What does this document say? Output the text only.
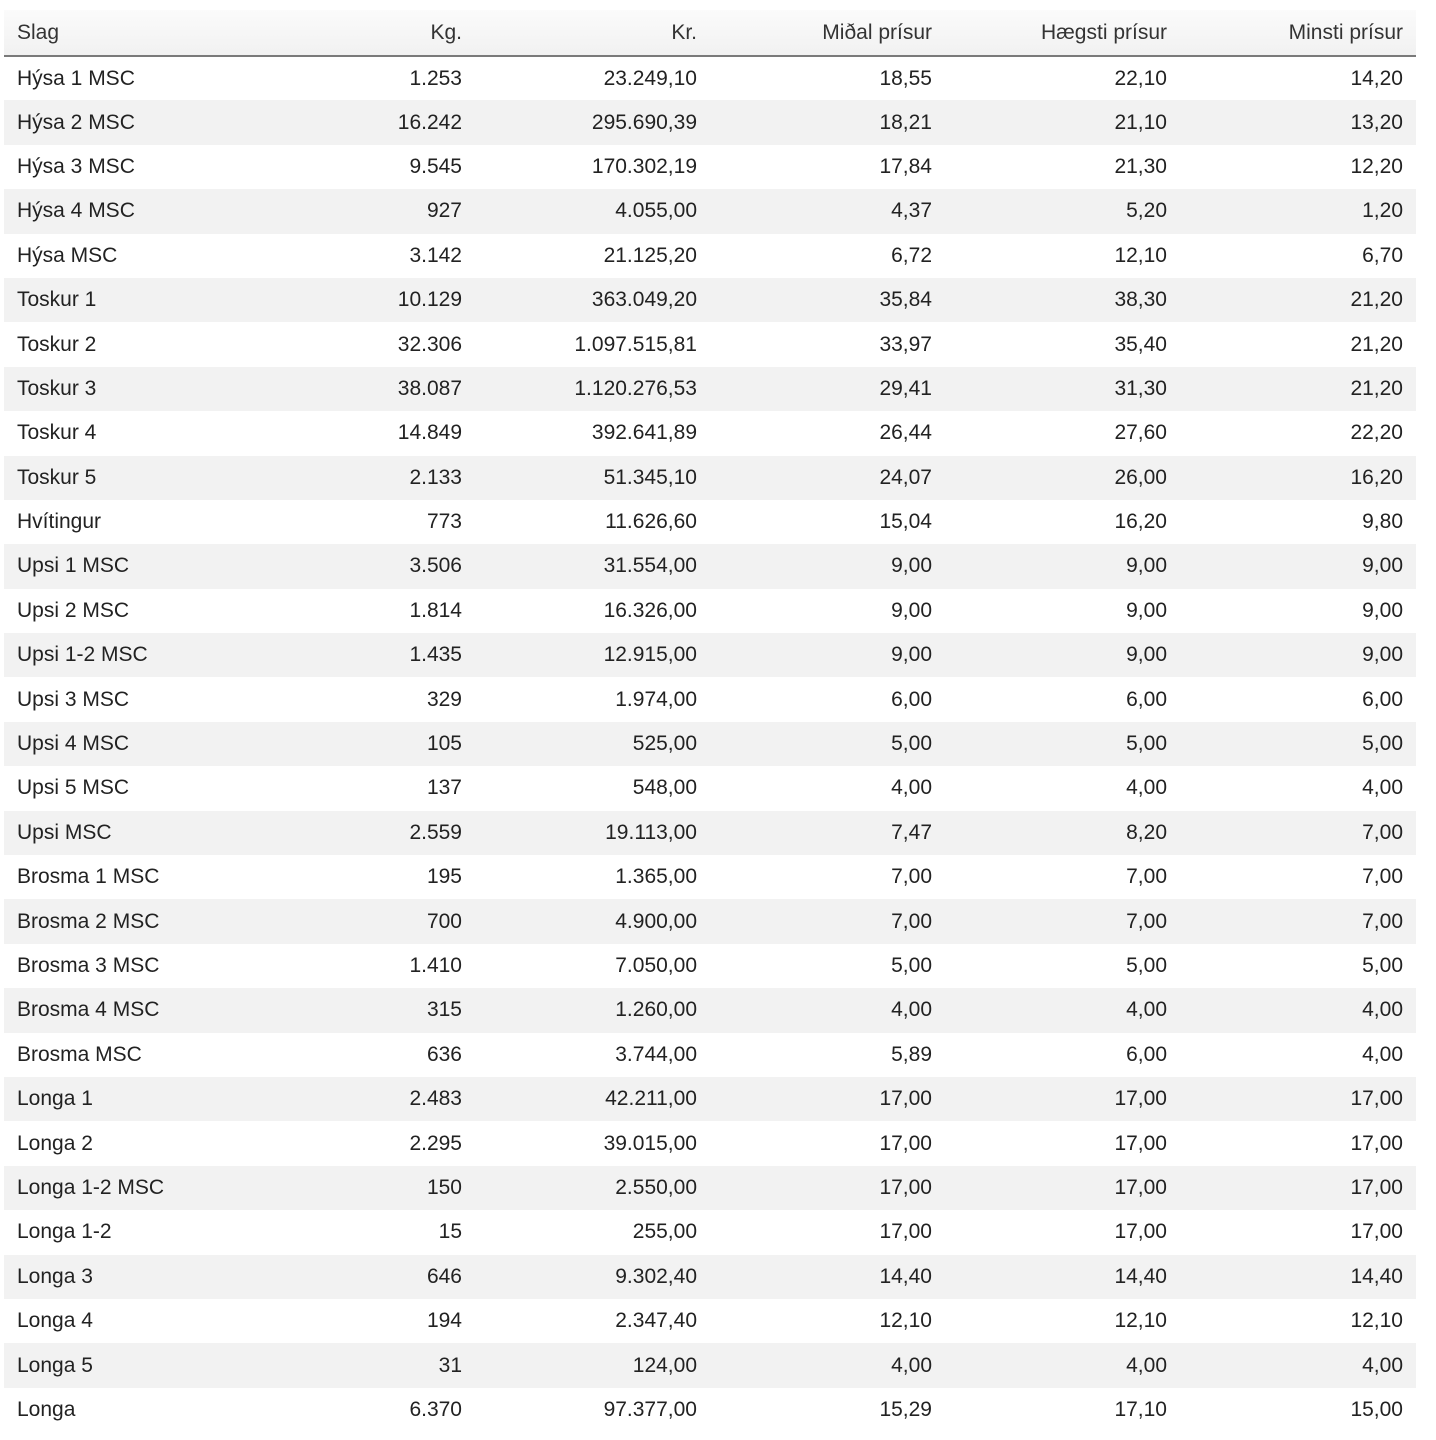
Slag	Kg.	Kr.	Miðal prísur	Hægsti prísur	Minsti prísur
Hýsa 1 MSC	1.253	23.249,10	18,55	22,10	14,20
Hýsa 2 MSC	16.242	295.690,39	18,21	21,10	13,20
Hýsa 3 MSC	9.545	170.302,19	17,84	21,30	12,20
Hýsa 4 MSC	927	4.055,00	4,37	5,20	1,20
Hýsa MSC	3.142	21.125,20	6,72	12,10	6,70
Toskur 1	10.129	363.049,20	35,84	38,30	21,20
Toskur 2	32.306	1.097.515,81	33,97	35,40	21,20
Toskur 3	38.087	1.120.276,53	29,41	31,30	21,20
Toskur 4	14.849	392.641,89	26,44	27,60	22,20
Toskur 5	2.133	51.345,10	24,07	26,00	16,20
Hvítingur	773	11.626,60	15,04	16,20	9,80
Upsi 1 MSC	3.506	31.554,00	9,00	9,00	9,00
Upsi 2 MSC	1.814	16.326,00	9,00	9,00	9,00
Upsi 1-2 MSC	1.435	12.915,00	9,00	9,00	9,00
Upsi 3 MSC	329	1.974,00	6,00	6,00	6,00
Upsi 4 MSC	105	525,00	5,00	5,00	5,00
Upsi 5 MSC	137	548,00	4,00	4,00	4,00
Upsi MSC	2.559	19.113,00	7,47	8,20	7,00
Brosma 1 MSC	195	1.365,00	7,00	7,00	7,00
Brosma 2 MSC	700	4.900,00	7,00	7,00	7,00
Brosma 3 MSC	1.410	7.050,00	5,00	5,00	5,00
Brosma 4 MSC	315	1.260,00	4,00	4,00	4,00
Brosma MSC	636	3.744,00	5,89	6,00	4,00
Longa 1	2.483	42.211,00	17,00	17,00	17,00
Longa 2	2.295	39.015,00	17,00	17,00	17,00
Longa 1-2 MSC	150	2.550,00	17,00	17,00	17,00
Longa 1-2	15	255,00	17,00	17,00	17,00
Longa 3	646	9.302,40	14,40	14,40	14,40
Longa 4	194	2.347,40	12,10	12,10	12,10
Longa 5	31	124,00	4,00	4,00	4,00
Longa	6.370	97.377,00	15,29	17,10	15,00
